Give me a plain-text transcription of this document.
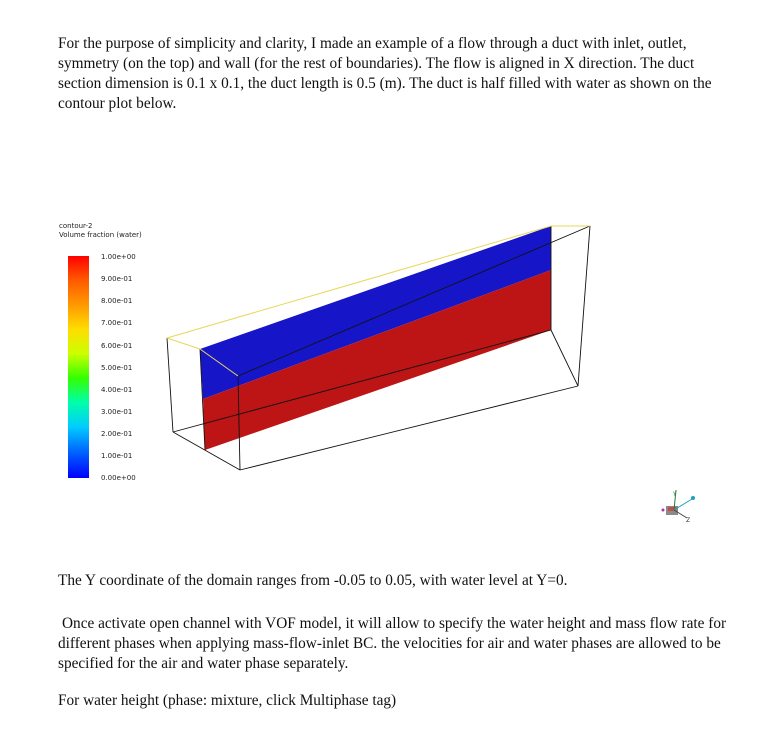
For the purpose of simplicity and clarity, I made an example of a flow through a duct with inlet, outlet, symmetry (on the top) and wall (for the rest of boundaries). The flow is aligned in X direction. The duct section dimension is 0.1 x 0.1, the duct length is 0.5 (m). The duct is half filled with water as shown on the contour plot below.

contour-2
Volume fraction (water)
1.00e+00
9.00e-01
8.00e-01
7.00e-01
6.00e-01
5.00e-01
4.00e-01
3.00e-01
2.00e-01
1.00e-01
0.00e+00
Y
Z

The Y coordinate of the domain ranges from -0.05 to 0.05, with water level at Y=0.

Once activate open channel with VOF model, it will allow to specify the water height and mass flow rate for different phases when applying mass-flow-inlet BC. the velocities for air and water phases are allowed to be specified for the air and water phase separately.

For water height (phase: mixture, click Multiphase tag)
